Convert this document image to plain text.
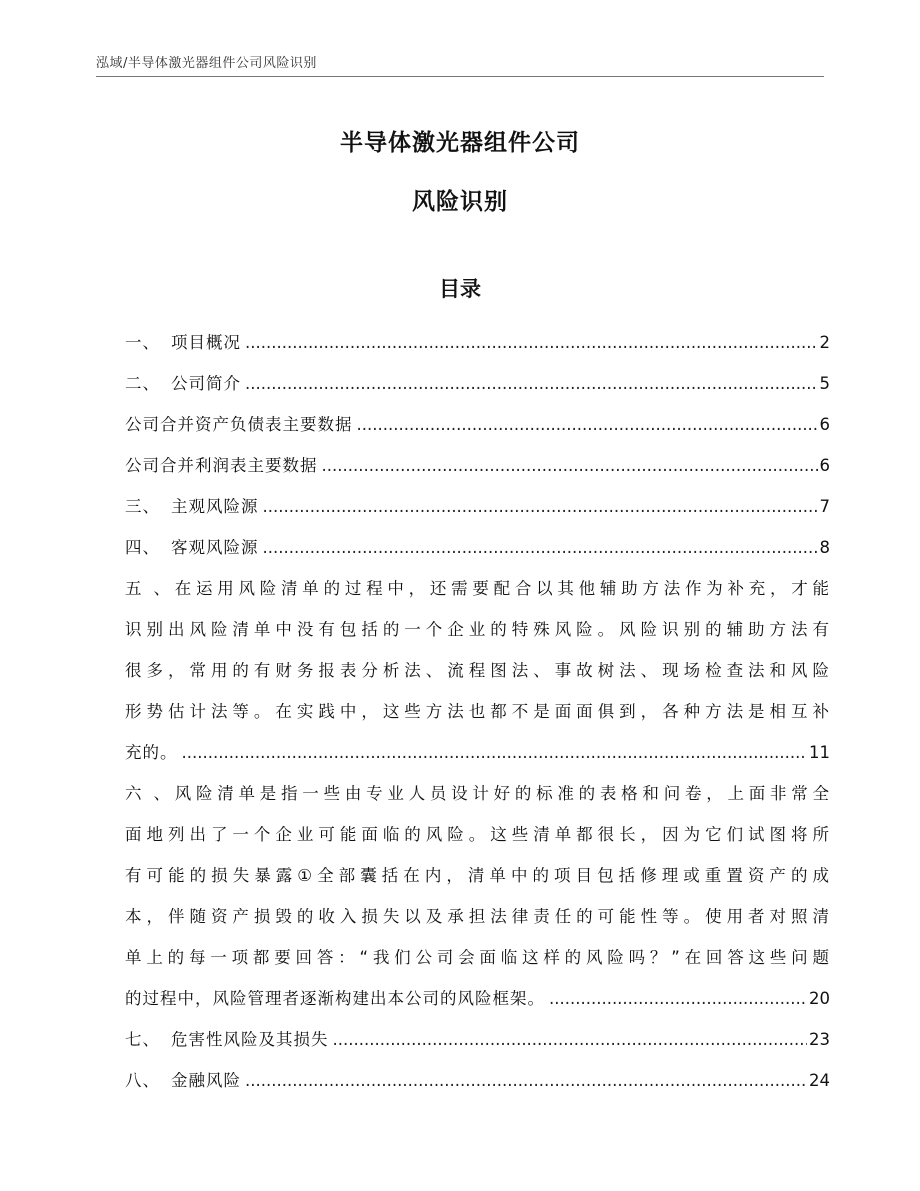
泓域/半导体激光器组件公司风险识别
半导体激光器组件公司
风险识别
目录
一、 项目概况 .....	2
二、 公司简介 .....	5
公司合并资产负债表主要数据 .....	6
公司合并利润表主要数据 .....	6
三、 主观风险源 .....	7
四、 客观风险源 .....	8
五、在运用风险清单的过程中，还需要配合以其他辅助方法作为补充，才能
识别出风险清单中没有包括的一个企业的特殊风险。风险识别的辅助方法有
很多，常用的有财务报表分析法、流程图法、事故树法、现场检查法和风险
形势估计法等。在实践中，这些方法也都不是面面俱到，各种方法是相互补
充的。 .....	11
六、风险清单是指一些由专业人员设计好的标准的表格和问卷，上面非常全
面地列出了一个企业可能面临的风险。这些清单都很长，因为它们试图将所
有可能的损失暴露①全部囊括在内，清单中的项目包括修理或重置资产的成
本，伴随资产损毁的收入损失以及承担法律责任的可能性等。使用者对照清
单上的每一项都要回答：“我们公司会面临这样的风险吗？”在回答这些问题
的过程中，风险管理者逐渐构建出本公司的风险框架。 .....	20
七、 危害性风险及其损失 .....	23
八、 金融风险 .....	24
